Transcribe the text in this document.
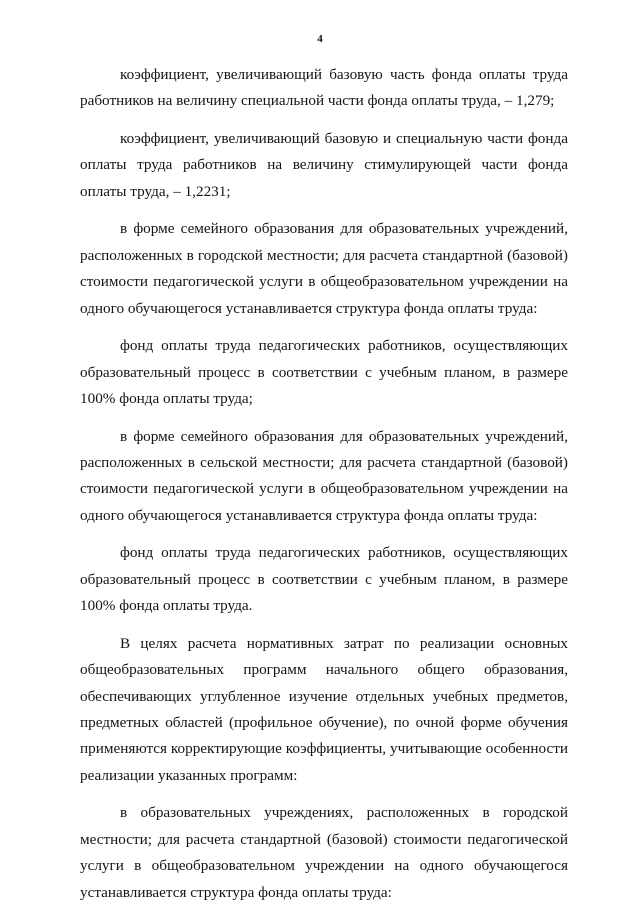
4

коэффициент, увеличивающий базовую часть фонда оплаты труда работников на величину специальной части фонда оплаты труда, – 1,279;

коэффициент, увеличивающий базовую и специальную части фонда оплаты труда работников на величину стимулирующей части фонда оплаты труда, – 1,2231;

в форме семейного образования для образовательных учреждений, расположенных в городской местности; для расчета стандартной (базовой) стоимости педагогической услуги в общеобразовательном учреждении на одного обучающегося устанавливается структура фонда оплаты труда:

фонд оплаты труда педагогических работников, осуществляющих образовательный процесс в соответствии с учебным планом, в размере 100% фонда оплаты труда;

в форме семейного образования для образовательных учреждений, расположенных в сельской местности; для расчета стандартной (базовой) стоимости педагогической услуги в общеобразовательном учреждении на одного обучающегося устанавливается структура фонда оплаты труда:

фонд оплаты труда педагогических работников, осуществляющих образовательный процесс в соответствии с учебным планом, в размере 100% фонда оплаты труда.

В целях расчета нормативных затрат по реализации основных общеобразовательных программ начального общего образования, обеспечивающих углубленное изучение отдельных учебных предметов, предметных областей (профильное обучение), по очной форме обучения применяются корректирующие коэффициенты, учитывающие особенности реализации указанных программ:

в образовательных учреждениях, расположенных в городской местности; для расчета стандартной (базовой) стоимости педагогической услуги в общеобразовательном учреждении на одного обучающегося устанавливается структура фонда оплаты труда:
